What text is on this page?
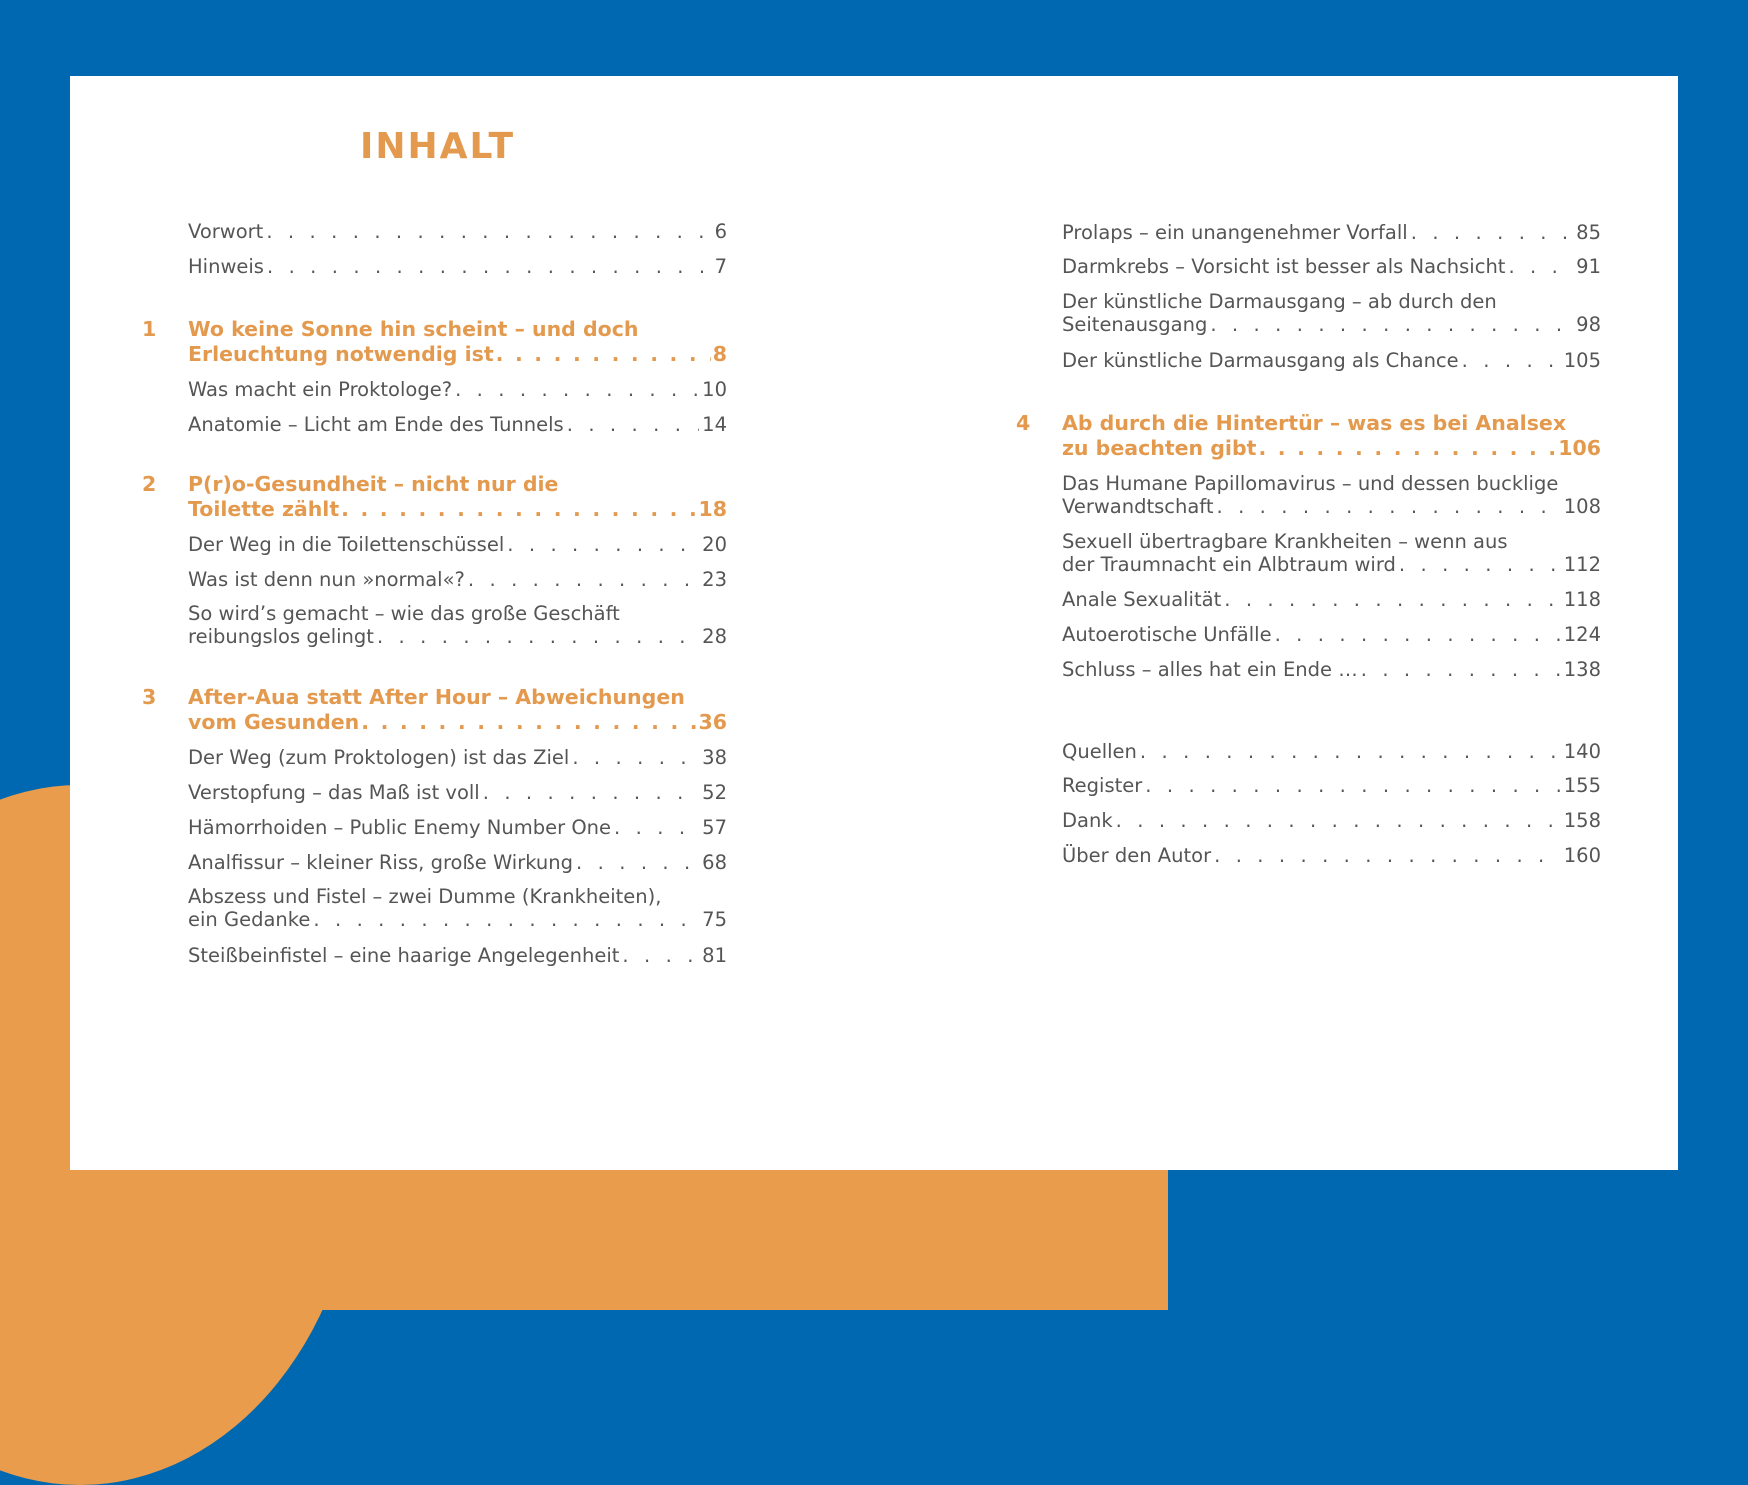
INHALT
Vorwort . . .	6
Hinweis . . .	7
1 Wo keine Sonne hin scheint – und doch
Erleuchtung notwendig ist . . .	8
Was macht ein Proktologe? . . .	10
Anatomie – Licht am Ende des Tunnels . . .	14
2 P(r)o-Gesundheit – nicht nur die
Toilette zählt . . .	18
Der Weg in die Toilettenschüssel . . .	20
Was ist denn nun »normal«? . . .	23
So wird’s gemacht – wie das große Geschäft
reibungslos gelingt . . .	28
3 After-Aua statt After Hour – Abweichungen
vom Gesunden . . .	36
Der Weg (zum Proktologen) ist das Ziel . . .	38
Verstopfung – das Maß ist voll . . .	52
Hämorrhoiden – Public Enemy Number One . . .	57
Analfissur – kleiner Riss, große Wirkung . . .	68
Abszess und Fistel – zwei Dumme (Krankheiten),
ein Gedanke . . .	75
Steißbeinfistel – eine haarige Angelegenheit . . .	81
Prolaps – ein unangenehmer Vorfall . . .	85
Darmkrebs – Vorsicht ist besser als Nachsicht . . .	91
Der künstliche Darmausgang – ab durch den
Seitenausgang . . .	98
Der künstliche Darmausgang als Chance . . .	105
4 Ab durch die Hintertür – was es bei Analsex
zu beachten gibt . . .	106
Das Humane Papillomavirus – und dessen bucklige
Verwandtschaft . . .	108
Sexuell übertragbare Krankheiten – wenn aus
der Traumnacht ein Albtraum wird . . .	112
Anale Sexualität . . .	118
Autoerotische Unfälle . . .	124
Schluss – alles hat ein Ende … . . .	138
Quellen . . .	140
Register . . .	155
Dank . . .	158
Über den Autor . . .	160
